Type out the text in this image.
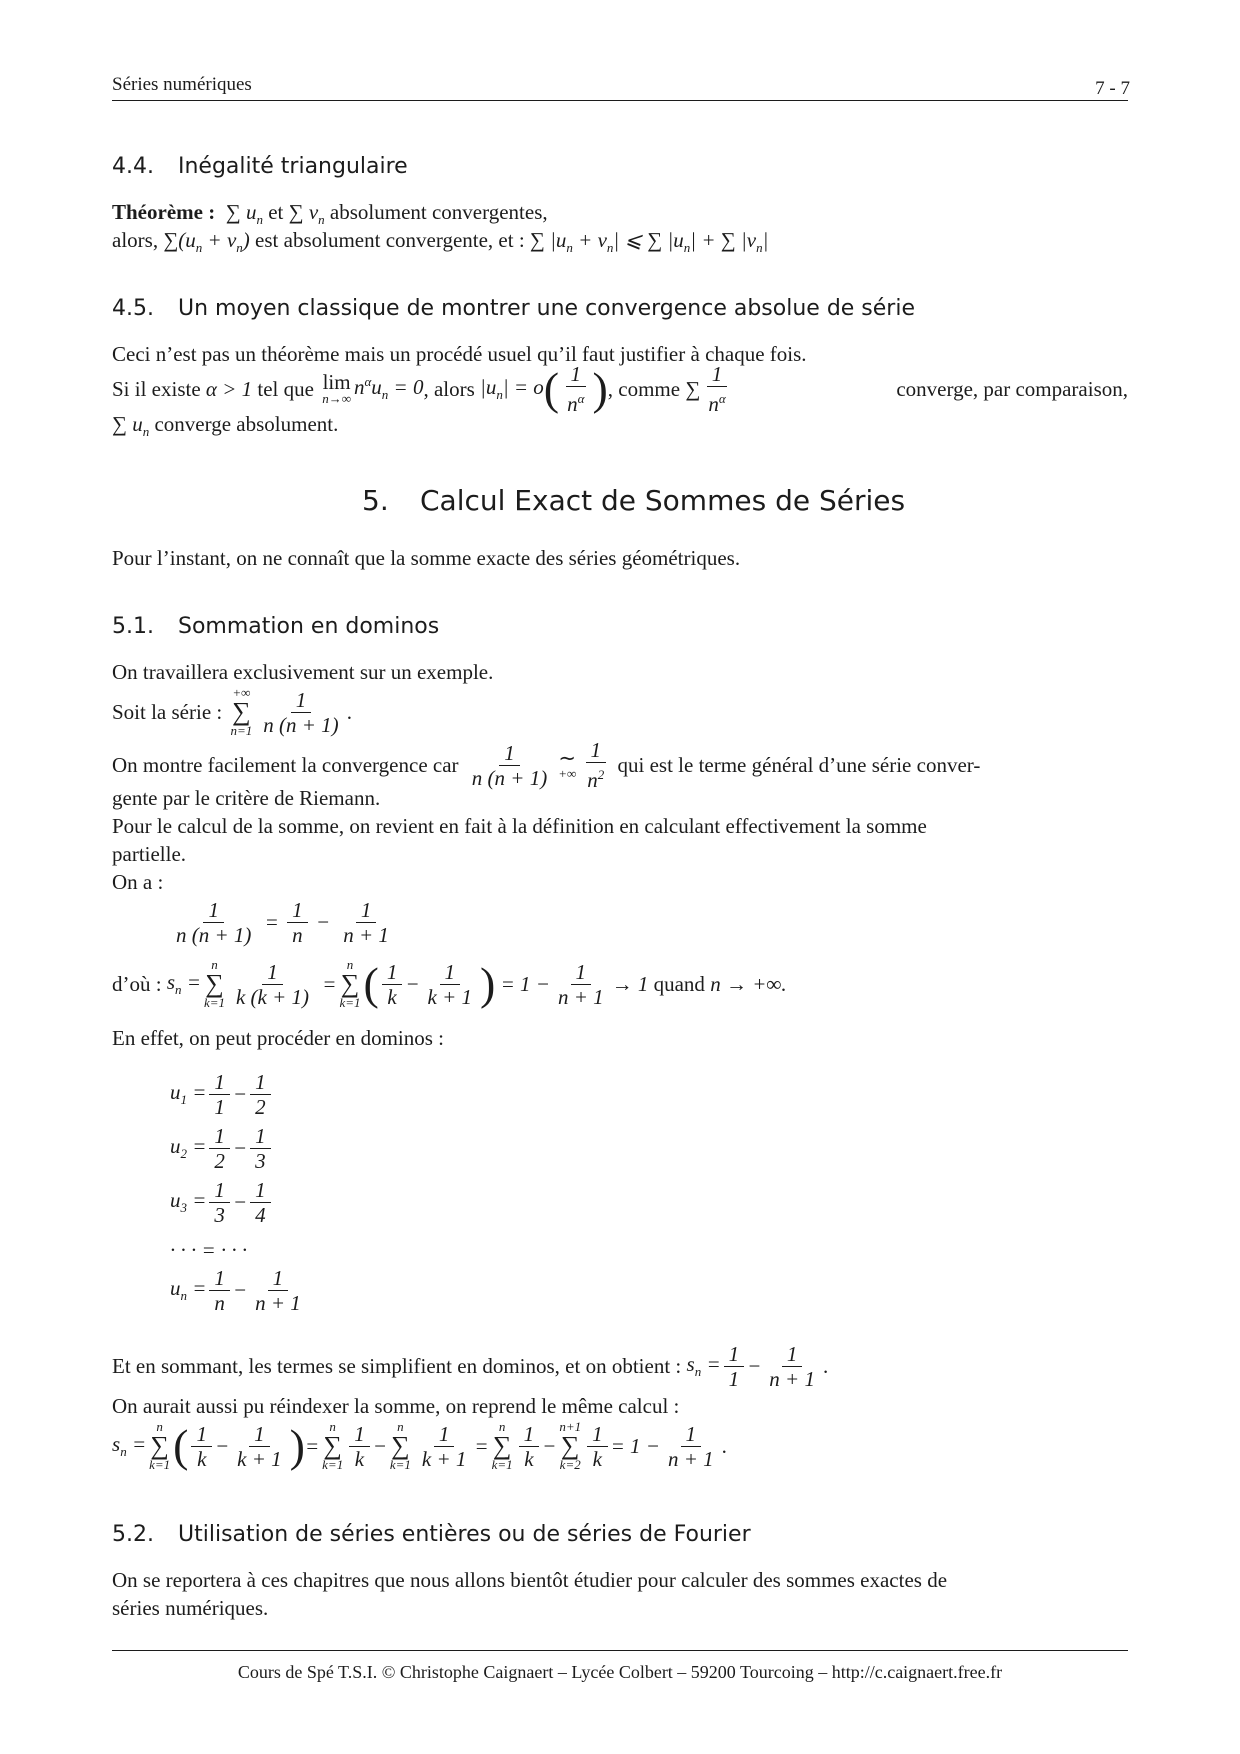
Séries numériques	7 - 7
4.4. Inégalité triangulaire
Théorème :  ∑ $u_n$ et ∑ $v_n$ absolument convergentes,
alors, $\sum(u_n + v_n)$ est absolument convergente, et : ∑ $|u_n + v_n|$ ⩽ ∑ $|u_n|$ + ∑ $|v_n|$
4.5. Un moyen classique de montrer une convergence absolue de série
Ceci n’est pas un théorème mais un procédé usuel qu’il faut justifier à chaque fois.
Si il existe
α > 1
tel que
lim
n→∞ $n^\alpha u_n = 0$ , alors
$|u_n| = o$ ( $\frac{1}{n^\alpha}$ ) , comme
∑ $\frac{1}{n^\alpha}$	converge, par comparaison,
∑ $u_n$ converge absolument.
5. Calcul Exact de Sommes de Séries
Pour l’instant, on ne connaît que la somme exacte des séries géométriques.
5.1. Sommation en dominos
On travaillera exclusivement sur un exemple.
Soit la série :

+∞
∑
$n=1 \frac{1}{n (n + 1)}$ .
On montre facilement la convergence car
$\frac{1}{n (n + 1)}$ ∼
+∞ $\frac{1}{n^2}$
qui est le terme général d’une série conver-
gente par le critère de Riemann.
Pour le calcul de la somme, on revient en fait à la définition en calculant effectivement la somme
partielle.
On a :
$\frac{1}{n (n + 1)} = \frac{1}{n} - \frac{1}{n + 1}$
d’où :
$s_n$ =
n
∑
$k=1 \frac{1}{k (k + 1)}$ =
n
∑
k=1 ( $\frac{1}{k} - \frac{1}{k + 1}$ ) = $1 - \frac{1}{n + 1} \to 1$
quand
n → +∞.
En effet, on peut procéder en dominos :
$u_1 = \frac{1}{1} - \frac{1}{2}$
$u_2 = \frac{1}{2} - \frac{1}{3}$
$u_3 = \frac{1}{3} - \frac{1}{4}$
· · · = · · ·
$u_n = \frac{1}{n} - \frac{1}{n + 1}$
Et en sommant, les termes se simplifient en dominos, et on obtient :
$s_n = \frac{1}{1} - \frac{1}{n + 1}$ .
On aurait aussi pu réindexer la somme, on reprend le même calcul :
$s_n$ =
n
∑
k=1 ( $\frac{1}{k} - \frac{1}{k + 1}$ ) =
n
∑
$k=1 \frac{1}{k}$ −
n
∑
$k=1 \frac{1}{k + 1}$ =
n
∑
$k=1 \frac{1}{k}$ −
n+1
∑
$k=2 \frac{1}{k} = 1 - \frac{1}{n + 1}$ .
5.2. Utilisation de séries entières ou de séries de Fourier
On se reportera à ces chapitres que nous allons bientôt étudier pour calculer des sommes exactes de
séries numériques.
Cours de Spé T.S.I. © Christophe Caignaert – Lycée Colbert – 59200 Tourcoing – http://c.caignaert.free.fr
